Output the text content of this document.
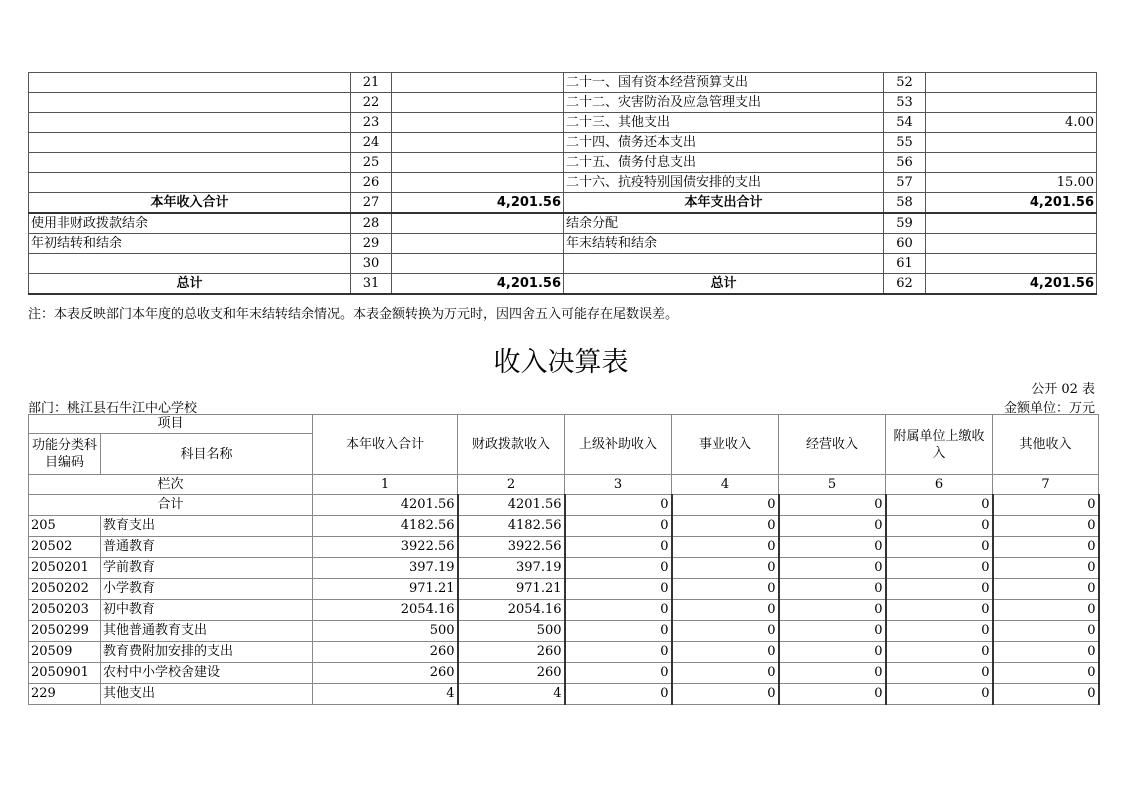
	21		二十一、国有资本经营预算支出	52	
	22		二十二、灾害防治及应急管理支出	53	
	23		二十三、其他支出	54	4.00
	24		二十四、债务还本支出	55	
	25		二十五、债务付息支出	56	
	26		二十六、抗疫特别国债安排的支出	57	15.00
本年收入合计	27	4,201.56	本年支出合计	58	4,201.56
使用非财政拨款结余	28		结余分配	59	
年初结转和结余	29		年末结转和结余	60	
	30			61	
总计	31	4,201.56	总计	62	4,201.56
注：本表反映部门本年度的总收支和年末结转结余情况。本表金额转换为万元时，因四舍五入可能存在尾数误差。
收入决算表
公开 02 表
部门：桃江县石牛江中心学校	金额单位：万元
项目		本年收入合计	财政拨款收入	上级补助收入	事业收入	经营收入	附属单位上缴收入	其他收入
功能分类科目编码	科目名称							
栏次		1	2	3	4	5	6	7
合计		4201.56	4201.56	0	0	0	0	0
205	教育支出	4182.56	4182.56	0	0	0	0	0
20502	普通教育	3922.56	3922.56	0	0	0	0	0
2050201	学前教育	397.19	397.19	0	0	0	0	0
2050202	小学教育	971.21	971.21	0	0	0	0	0
2050203	初中教育	2054.16	2054.16	0	0	0	0	0
2050299	其他普通教育支出	500	500	0	0	0	0	0
20509	教育费附加安排的支出	260	260	0	0	0	0	0
2050901	农村中小学校舍建设	260	260	0	0	0	0	0
229	其他支出	4	4	0	0	0	0	0
